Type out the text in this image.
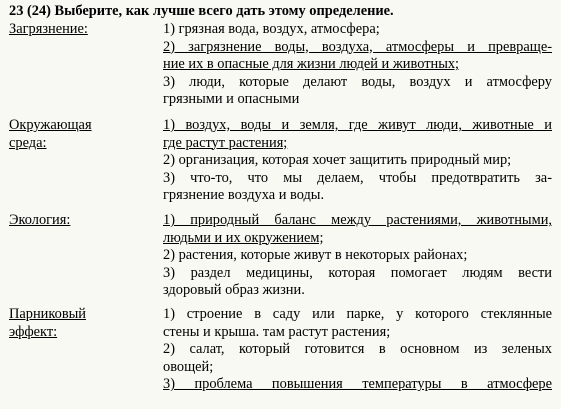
23 (24) Выберите, как лучше всего дать этому определение.
Загрязнение:	1) грязная вода, воздух, атмосфера;
2) загрязнение воды, воздуха, атмосферы и превраще-
ние их в опасные для жизни людей и животных;
3) люди, которые делают воды, воздух и атмосферу
грязными и опасными
Окружающая
среда:
1) воздух, воды и земля, где живут люди, животные и
где растут растения;
2) организация, которая хочет защитить природный мир;
3) что-то, что мы делаем, чтобы предотвратить за-
грязнение воздуха и воды.
Экология:	1) природный баланс между растениями, животными,
людьми и их окружением;
2) растения, которые живут в некоторых районах;
3) раздел медицины, которая помогает людям вести
здоровый образ жизни.
Парниковый
эффект:
1) строение в саду или парке, у которого стеклянные
стены и крыша. там растут растения;
2) салат, который готовится в основном из зеленых
овощей;
3) проблема повышения температуры в атмосфере
